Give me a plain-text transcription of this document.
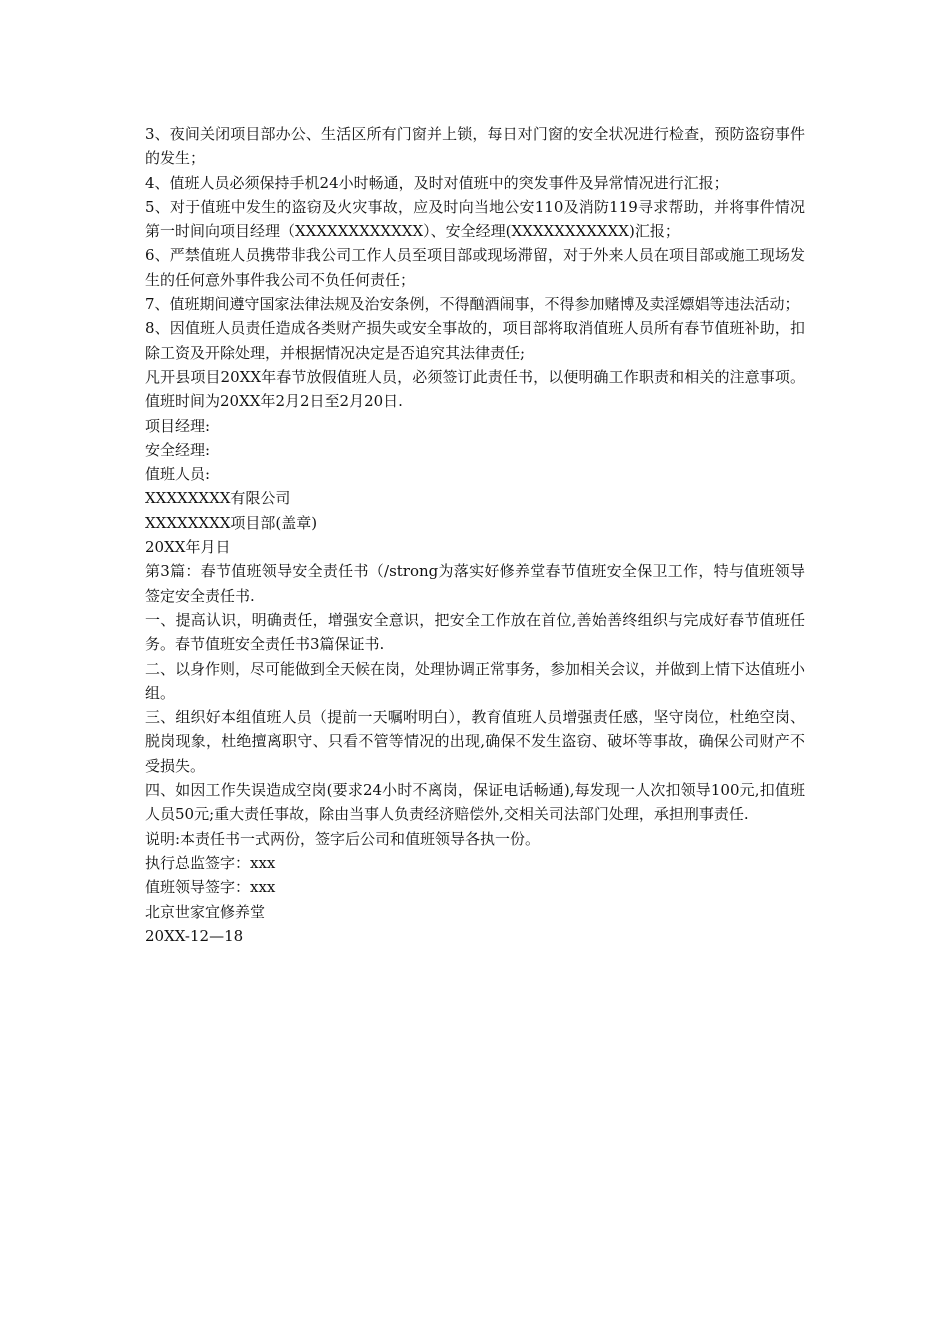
3、夜间关闭项目部办公、生活区所有门窗并上锁，每日对门窗的安全状况进行检查，预防盗窃事件的发生；

4、值班人员必须保持手机24小时畅通，及时对值班中的突发事件及异常情况进行汇报；

5、对于值班中发生的盗窃及火灾事故，应及时向当地公安110及消防119寻求帮助，并将事件情况第一时间向项目经理（XXXXXXXXXXXX）、安全经理(XXXXXXXXXXX)汇报；

6、严禁值班人员携带非我公司工作人员至项目部或现场滞留，对于外来人员在项目部或施工现场发生的任何意外事件我公司不负任何责任；

7、值班期间遵守国家法律法规及治安条例，不得酗酒闹事，不得参加赌博及卖淫嫖娼等违法活动；

8、因值班人员责任造成各类财产损失或安全事故的，项目部将取消值班人员所有春节值班补助，扣除工资及开除处理，并根据情况决定是否追究其法律责任;

凡开县项目20XX年春节放假值班人员，必须签订此责任书，以便明确工作职责和相关的注意事项。值班时间为20XX年2月2日至2月20日.

项目经理:

安全经理:

值班人员:

XXXXXXXX有限公司

XXXXXXXX项目部(盖章)

20XX年月日

第3篇：春节值班领导安全责任书（/strong为落实好修养堂春节值班安全保卫工作，特与值班领导签定安全责任书.

一、提高认识，明确责任，增强安全意识，把安全工作放在首位,善始善终组织与完成好春节值班任务。春节值班安全责任书3篇保证书.

二、以身作则，尽可能做到全天候在岗，处理协调正常事务，参加相关会议，并做到上情下达值班小组。

三、组织好本组值班人员（提前一天嘱咐明白），教育值班人员增强责任感，坚守岗位，杜绝空岗、脱岗现象，杜绝擅离职守、只看不管等情况的出现,确保不发生盗窃、破坏等事故，确保公司财产不受损失。

四、如因工作失误造成空岗(要求24小时不离岗，保证电话畅通),每发现一人次扣领导100元,扣值班人员50元;重大责任事故，除由当事人负责经济赔偿外,交相关司法部门处理，承担刑事责任.

说明:本责任书一式两份，签字后公司和值班领导各执一份。

执行总监签字：xxx

值班领导签字：xxx

北京世家宜修养堂

20XX-12—18
